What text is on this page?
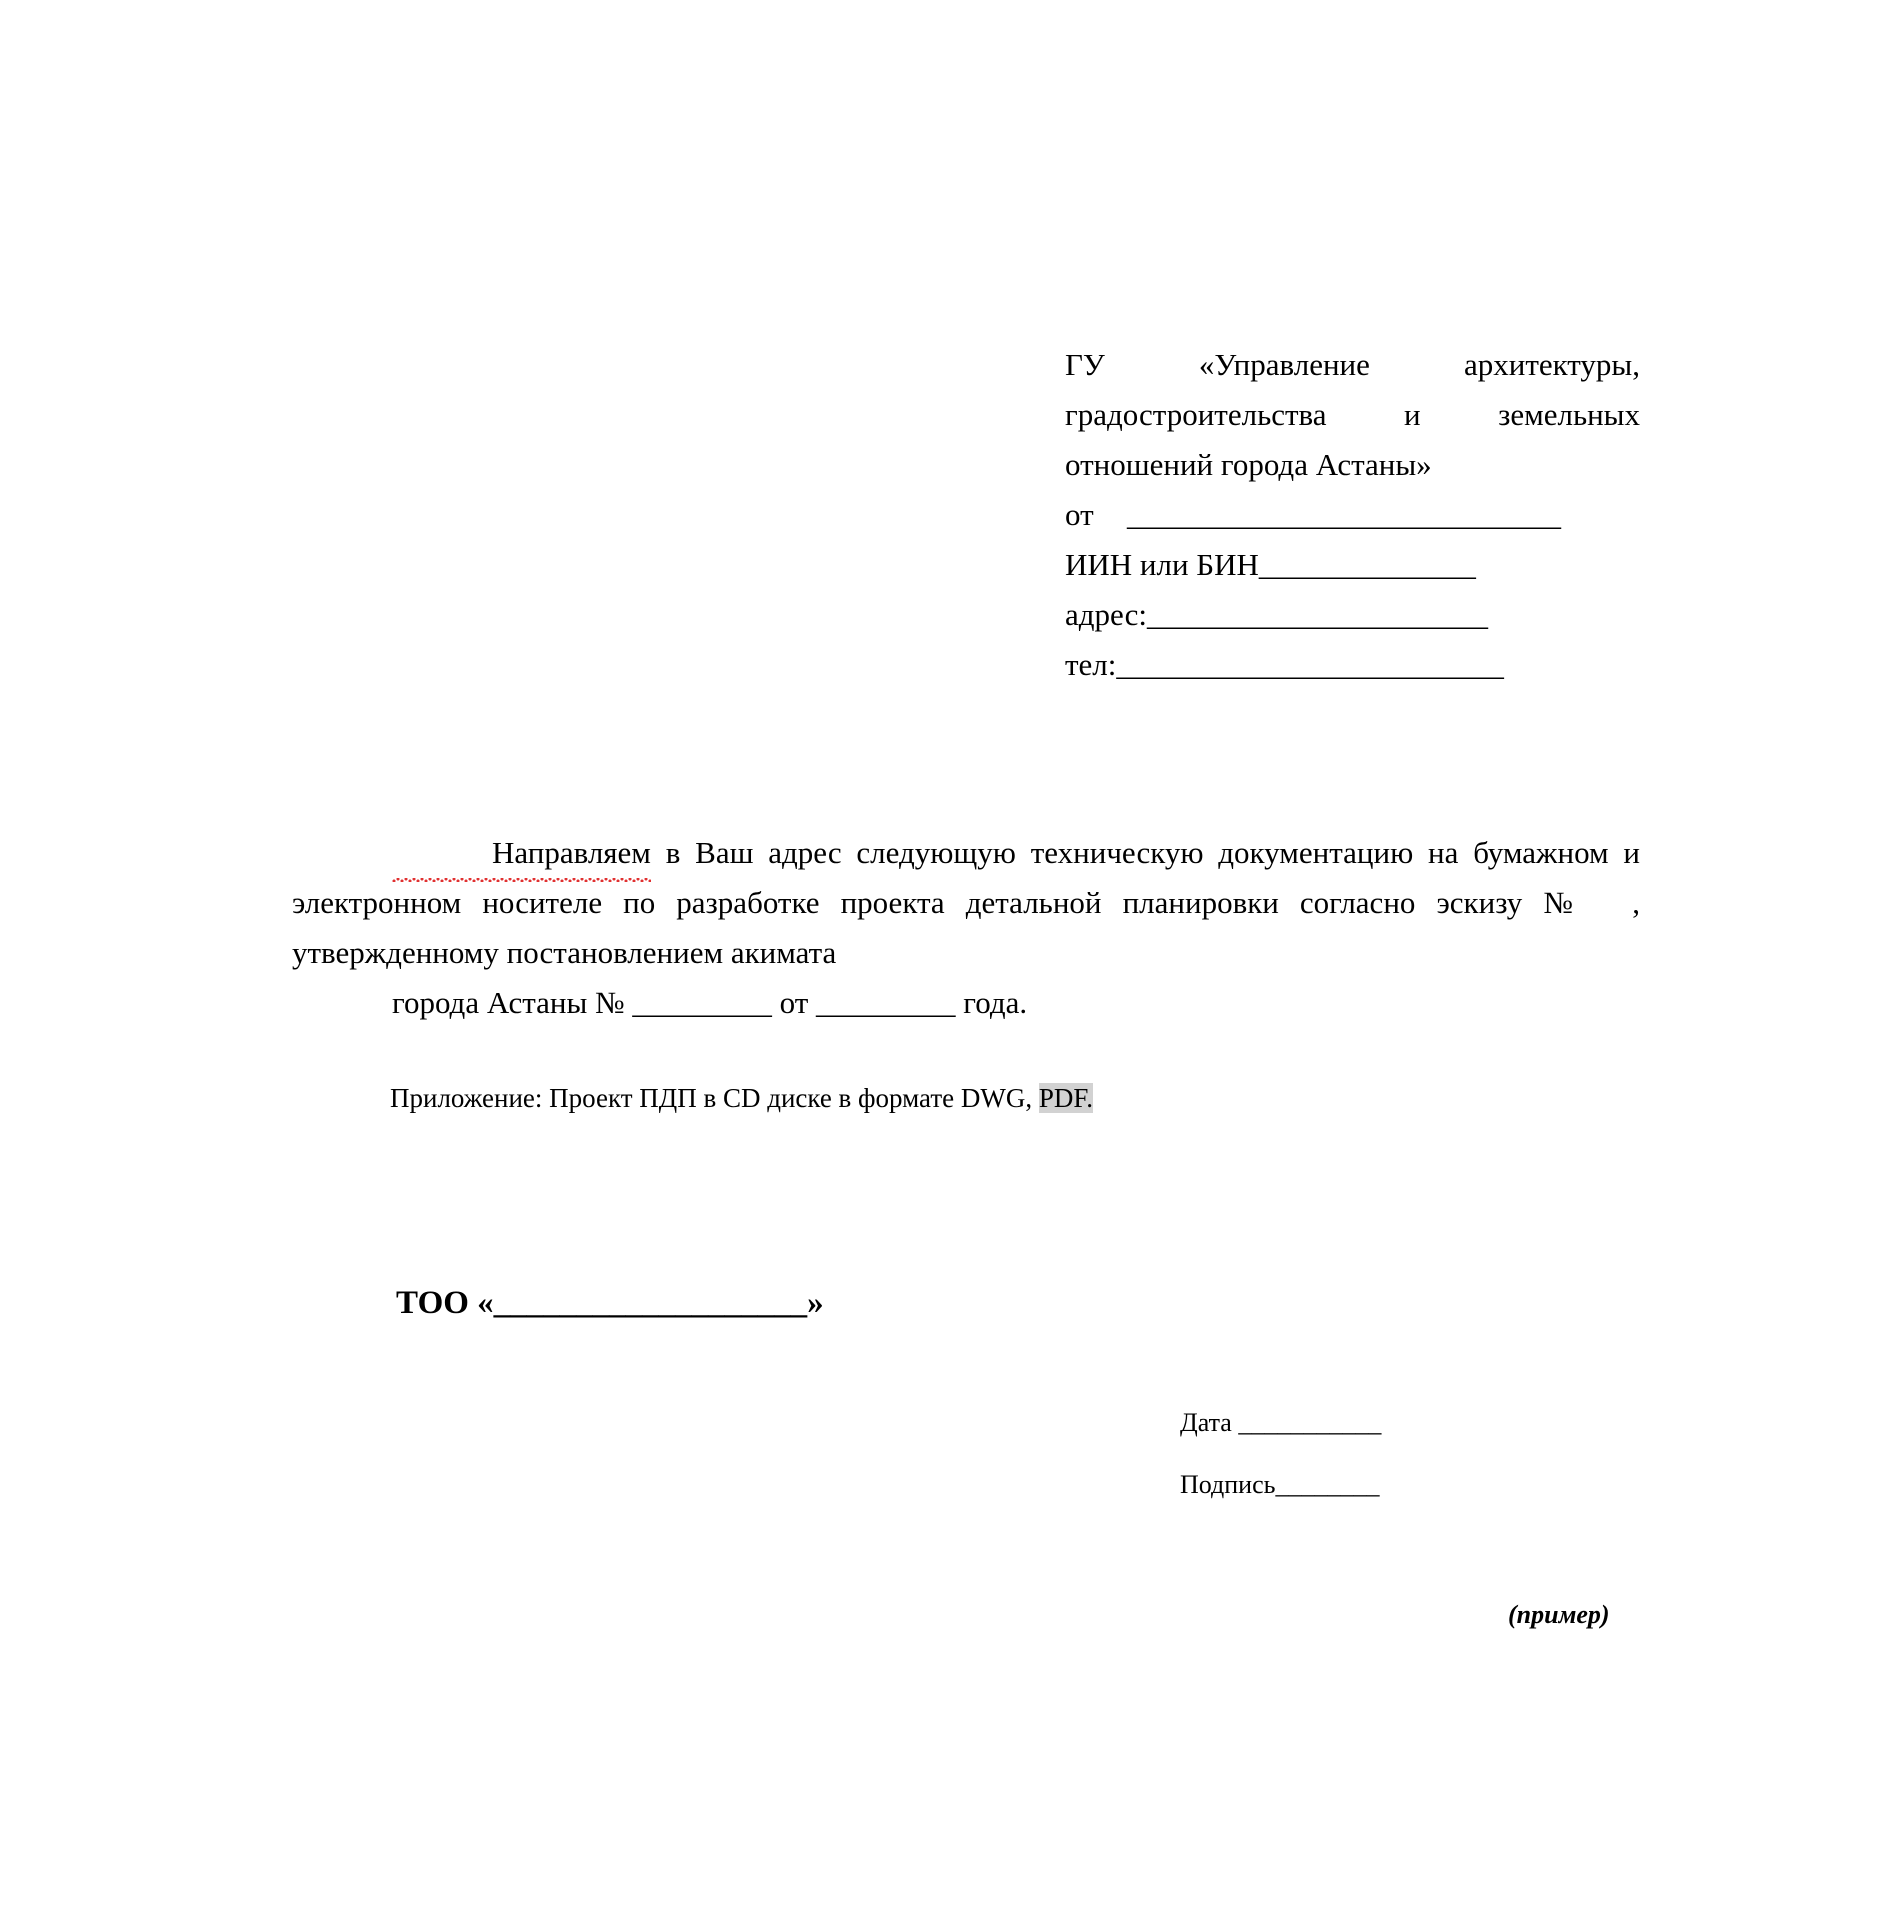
ГУ «Управление архитектуры,
градостроительства и земельных
отношений города Астаны»
от ____________________________
ИИН или БИН______________
адрес:______________________
тел:_________________________
Направляем в Ваш адрес следующую техническую документацию на бумажном и электронном носителе по разработке проекта детальной планировки согласно эскизу № , утвержденному постановлением акимата
города Астаны № _________ от _________ года.
Приложение: Проект ПДП в CD диске в формате DWG, PDF.
ТОО «___________________»
Дата ___________
Подпись________
(пример)
